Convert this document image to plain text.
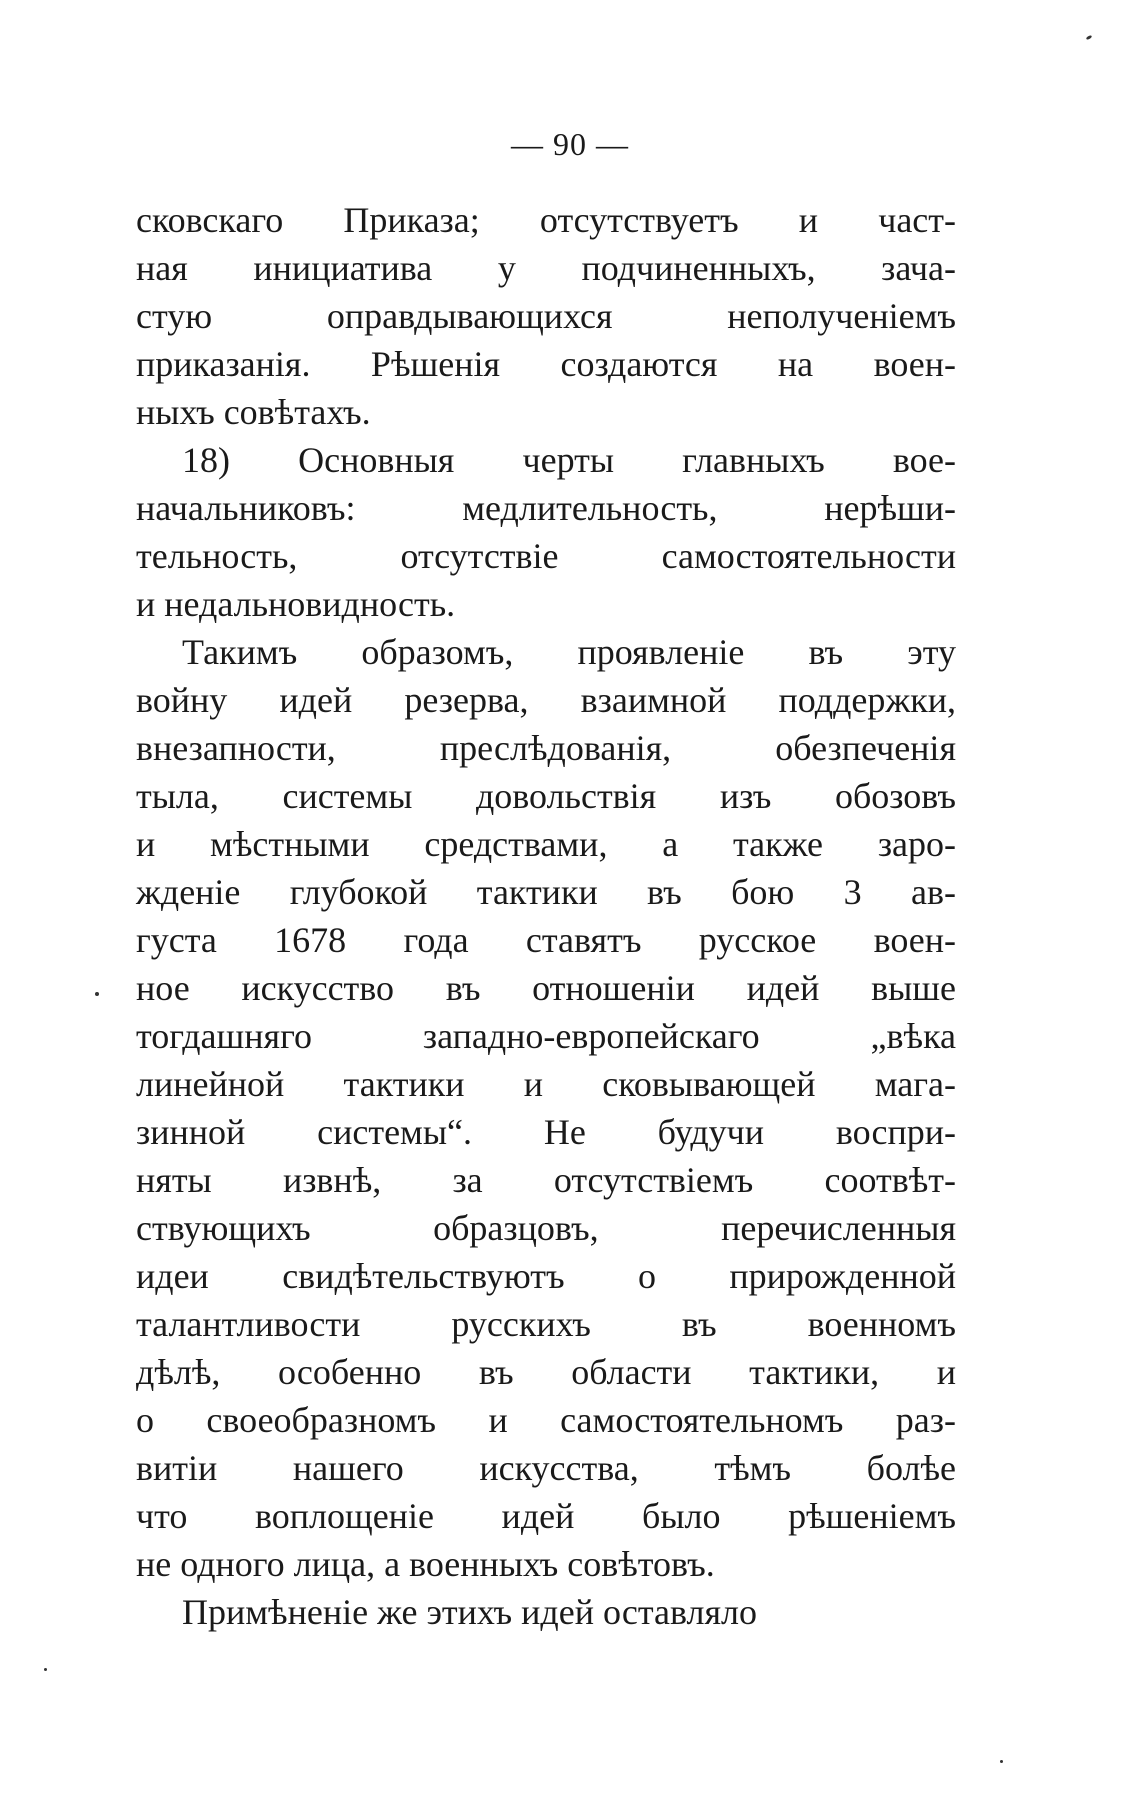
— 90 —
сковскаго Приказа; отсутствуетъ и част-
ная инициатива у подчиненныхъ, зача-
стую оправдывающихся неполученiемъ
приказанiя. Рѣшенiя создаются на воен-
ныхъ совѣтахъ.
18) Основныя черты главныхъ вое-
начальниковъ: медлительность, нерѣши-
тельность, отсутствiе самостоятельности
и недальновидность.
Такимъ образомъ, проявленiе въ эту
войну идей резерва, взаимной поддержки,
внезапности, преслѣдованiя, обезпеченiя
тыла, системы довольствiя изъ обозовъ
и мѣстными средствами, а также заро-
жденiе глубокой тактики въ бою 3 ав-
густа 1678 года ставятъ русское воен-
ное искусство въ отношенiи идей выше
тогдашняго западно-европейскаго „вѣка
линейной тактики и сковывающей мага-
зинной системы“. Не будучи воспри-
няты извнѣ, за отсутствiемъ соотвѣт-
ствующихъ образцовъ, перечисленныя
идеи свидѣтельствуютъ о прирожденной
талантливости русскихъ въ военномъ
дѣлѣ, особенно въ области тактики, и
о своеобразномъ и самостоятельномъ раз-
витiи нашего искусства, тѣмъ болѣе
что воплощенiе идей было рѣшенiемъ
не одного лица, а военныхъ совѣтовъ.
Примѣненiе же этихъ идей оставляло
